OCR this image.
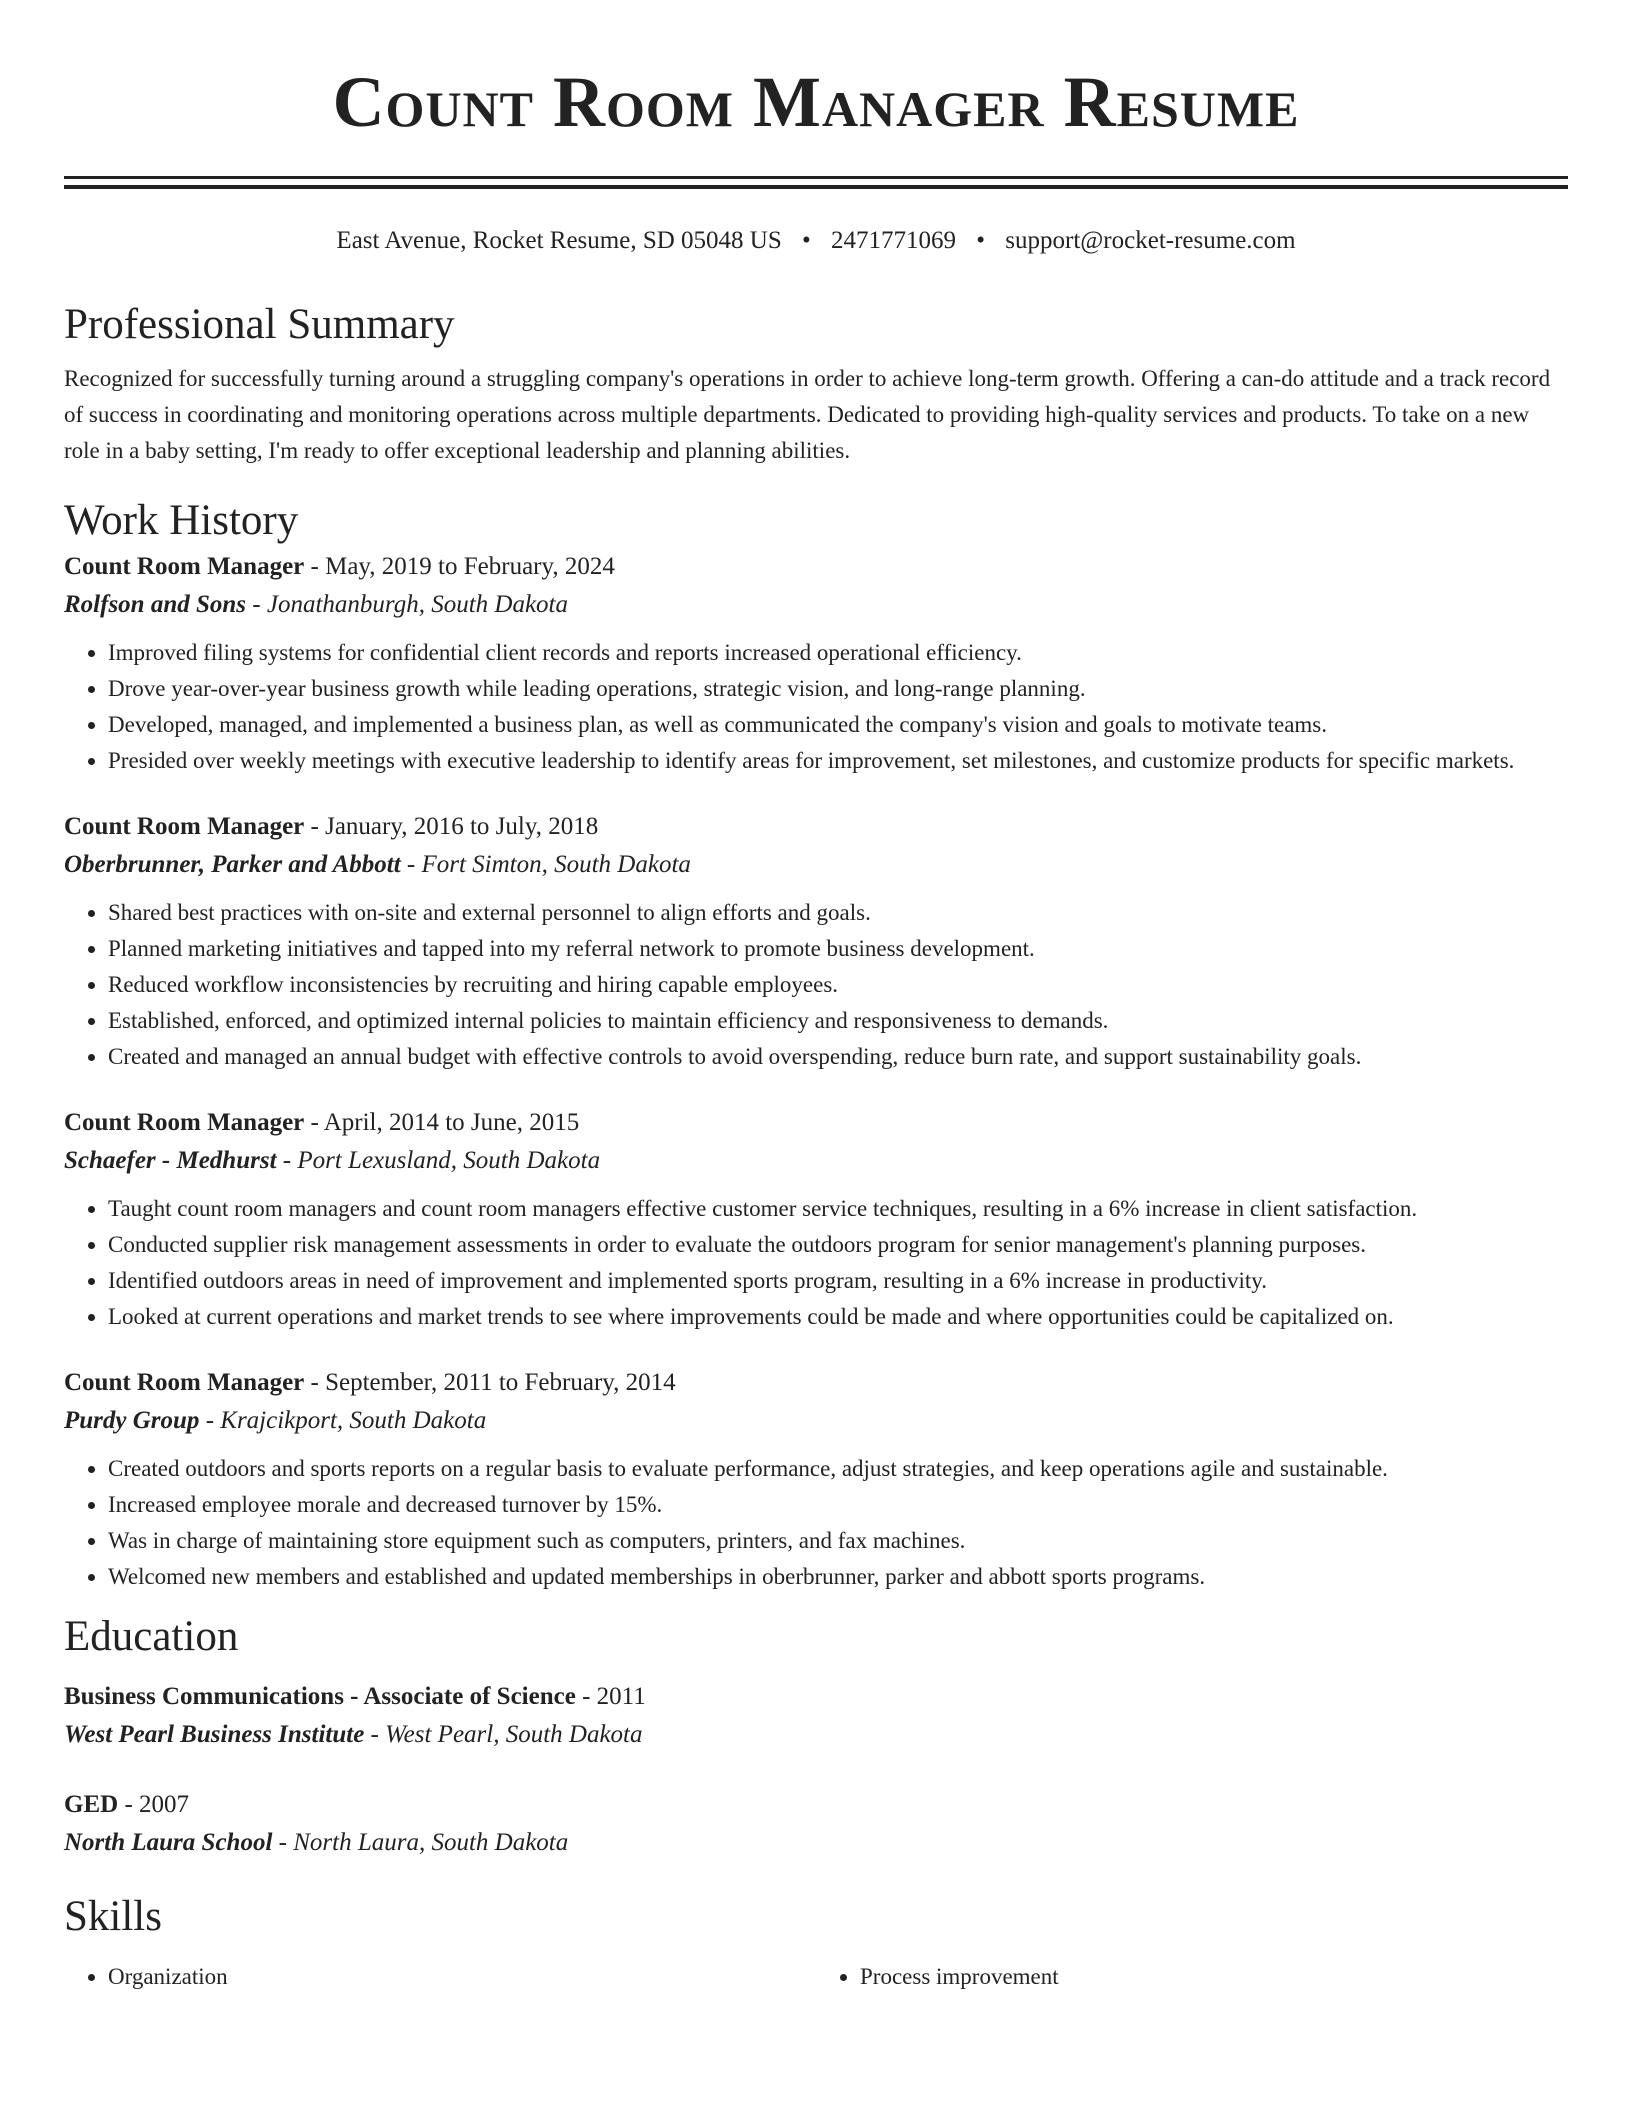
Count Room Manager Resume
East Avenue, Rocket Resume, SD 05048 US • 2471771069 • support@rocket-resume.com
Professional Summary
Recognized for successfully turning around a struggling company's operations in order to achieve long-term growth. Offering a can-do attitude and a track record of success in coordinating and monitoring operations across multiple departments. Dedicated to providing high-quality services and products. To take on a new role in a baby setting, I'm ready to offer exceptional leadership and planning abilities.
Work History
Count Room Manager - May, 2019 to February, 2024
Rolfson and Sons - Jonathanburgh, South Dakota
• Improved filing systems for confidential client records and reports increased operational efficiency.
• Drove year-over-year business growth while leading operations, strategic vision, and long-range planning.
• Developed, managed, and implemented a business plan, as well as communicated the company's vision and goals to motivate teams.
• Presided over weekly meetings with executive leadership to identify areas for improvement, set milestones, and customize products for specific markets.
Count Room Manager - January, 2016 to July, 2018
Oberbrunner, Parker and Abbott - Fort Simton, South Dakota
• Shared best practices with on-site and external personnel to align efforts and goals.
• Planned marketing initiatives and tapped into my referral network to promote business development.
• Reduced workflow inconsistencies by recruiting and hiring capable employees.
• Established, enforced, and optimized internal policies to maintain efficiency and responsiveness to demands.
• Created and managed an annual budget with effective controls to avoid overspending, reduce burn rate, and support sustainability goals.
Count Room Manager - April, 2014 to June, 2015
Schaefer - Medhurst - Port Lexusland, South Dakota
• Taught count room managers and count room managers effective customer service techniques, resulting in a 6% increase in client satisfaction.
• Conducted supplier risk management assessments in order to evaluate the outdoors program for senior management's planning purposes.
• Identified outdoors areas in need of improvement and implemented sports program, resulting in a 6% increase in productivity.
• Looked at current operations and market trends to see where improvements could be made and where opportunities could be capitalized on.
Count Room Manager - September, 2011 to February, 2014
Purdy Group - Krajcikport, South Dakota
• Created outdoors and sports reports on a regular basis to evaluate performance, adjust strategies, and keep operations agile and sustainable.
• Increased employee morale and decreased turnover by 15%.
• Was in charge of maintaining store equipment such as computers, printers, and fax machines.
• Welcomed new members and established and updated memberships in oberbrunner, parker and abbott sports programs.
Education
Business Communications - Associate of Science - 2011
West Pearl Business Institute - West Pearl, South Dakota
GED - 2007
North Laura School - North Laura, South Dakota
Skills
• Organization
•	Process improvement
